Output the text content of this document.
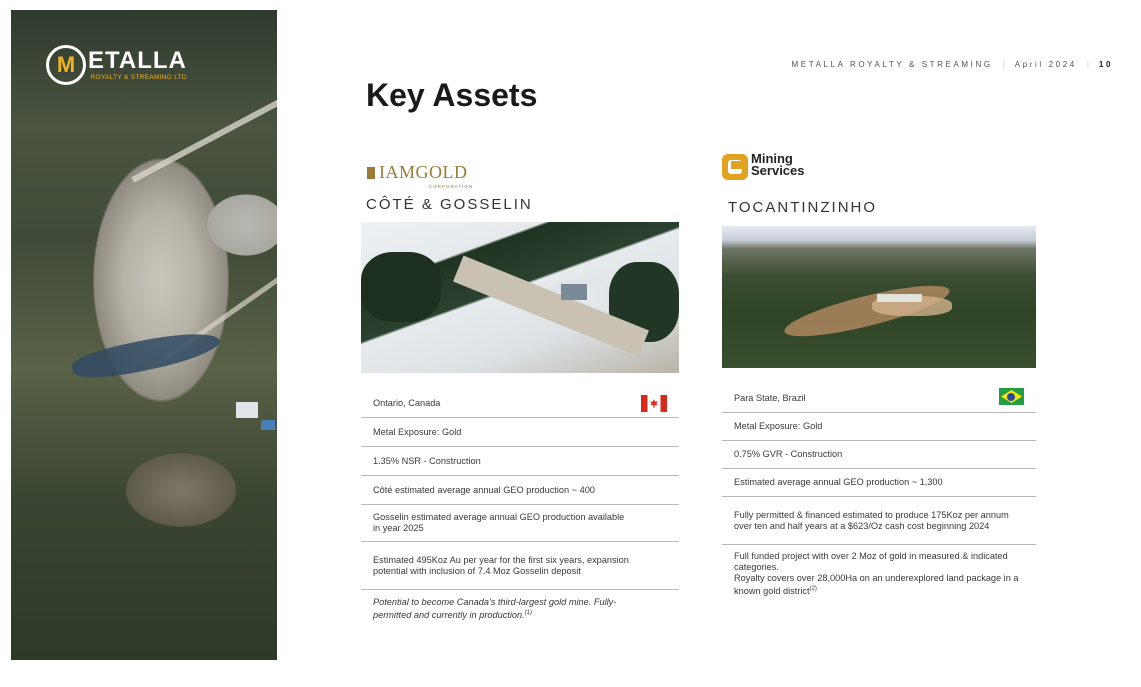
M ETALLA
ROYALTY & STREAMING LTD
METALLA ROYALTY & STREAMING | April 2024 | 10
Key Assets
IAMGOLD
CORPORATION
CÔTÉ & GOSSELIN
Ontario, Canada
Metal Exposure: Gold
1.35% NSR - Construction
Côté estimated average annual GEO production ~ 400
Gosselin estimated average annual GEO production available in year 2025
Estimated 495Koz Au per year for the first six years, expansion potential with inclusion of 7.4 Moz Gosselin deposit
Potential to become Canada's third-largest gold mine. Fully-permitted and currently in production.$^{(1)}$
Mining
Services
TOCANTINZINHO
Para State, Brazil
Metal Exposure: Gold
0.75% GVR - Construction
Estimated average annual GEO production ~ 1,300
Fully permitted & financed estimated to produce 175Koz per annum over ten and half years at a $623/Oz cash cost beginning 2024
Full funded project with over 2 Moz of gold in measured & indicated categories.
Royalty covers over 28,000Ha on an underexplored land package in a known gold district$^{(2)}$
